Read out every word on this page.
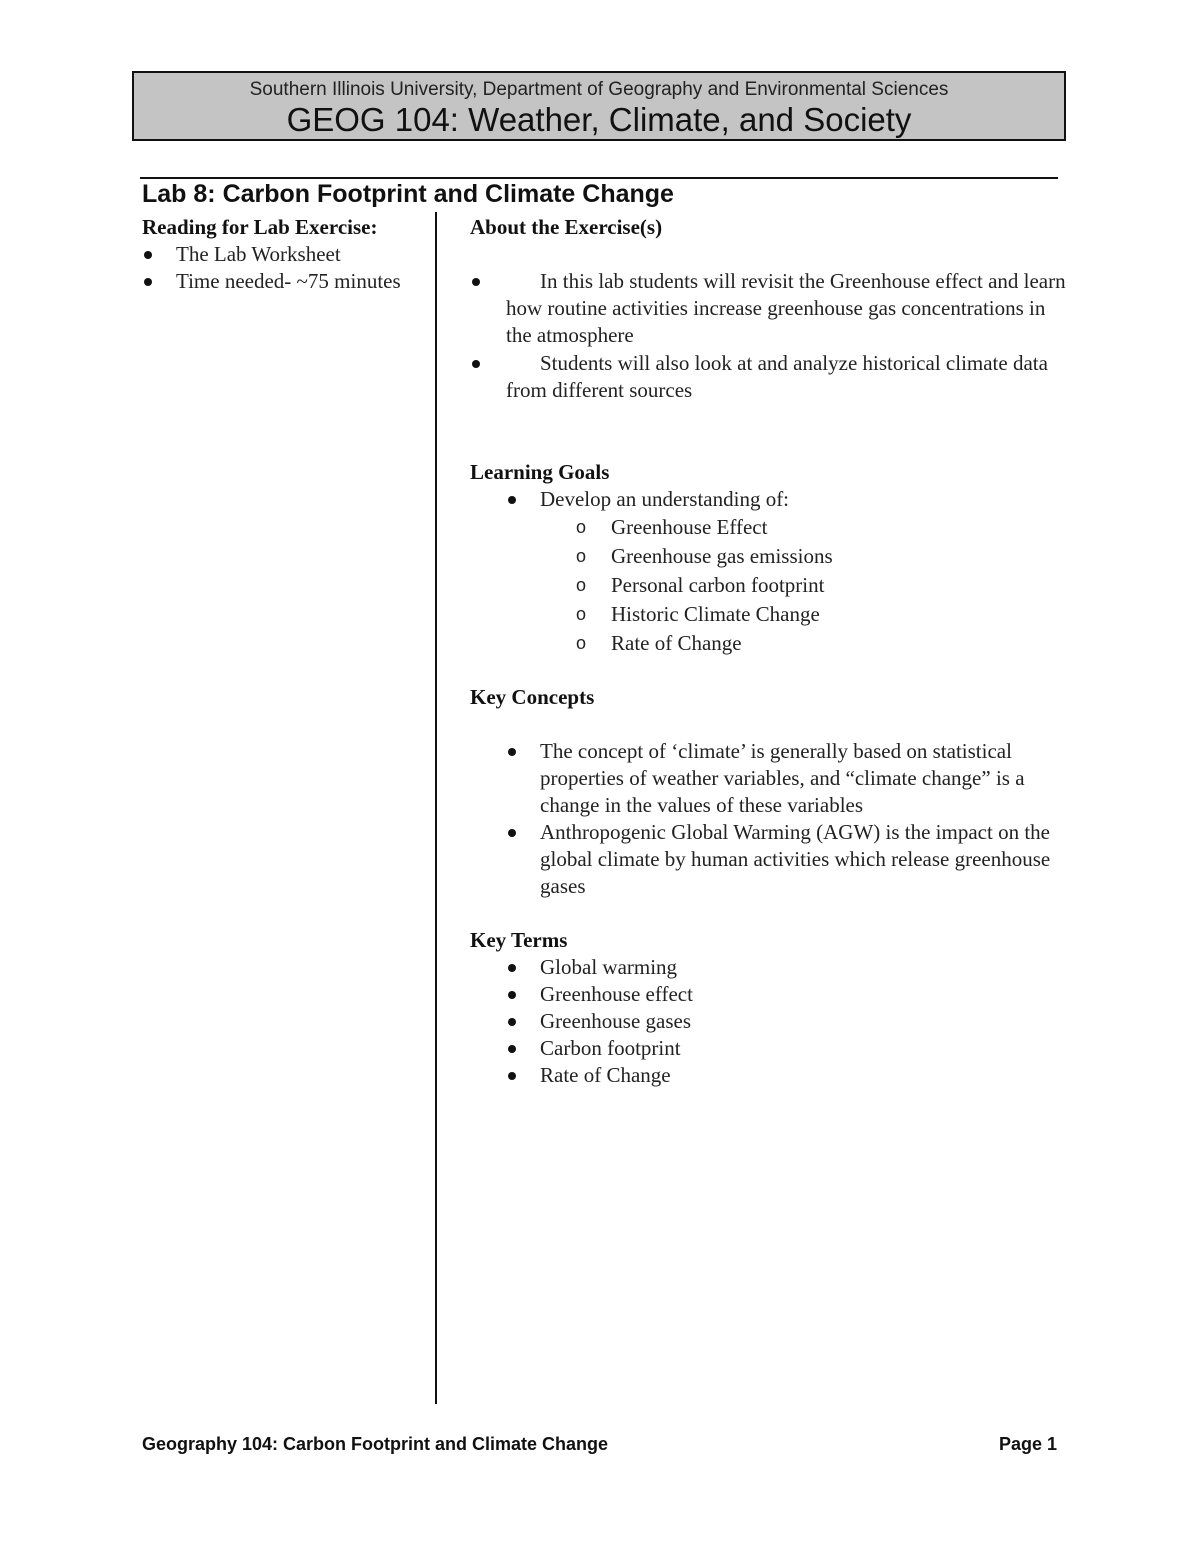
Southern Illinois University, Department of Geography and Environmental Sciences
GEOG 104: Weather, Climate, and Society
Lab 8: Carbon Footprint and Climate Change

Reading for Lab Exercise:

The Lab Worksheet
Time needed- ~75 minutes

About the Exercise(s)

In this lab students will revisit the Greenhouse effect and learn how routine activities increase greenhouse gas concentrations in the atmosphere
Students will also look at and analyze historical climate data from different sources

Learning Goals

Develop an understanding of:
o Greenhouse Effect
o Greenhouse gas emissions
o Personal carbon footprint
o Historic Climate Change
o Rate of Change

Key Concepts

The concept of ‘climate’ is generally based on statistical properties of weather variables, and “climate change” is a change in the values of these variables
Anthropogenic Global Warming (AGW) is the impact on the global climate by human activities which release greenhouse gases

Key Terms

Global warming
Greenhouse effect
Greenhouse gases
Carbon footprint
Rate of Change
Geography 104: Carbon Footprint and Climate Change	Page 1
